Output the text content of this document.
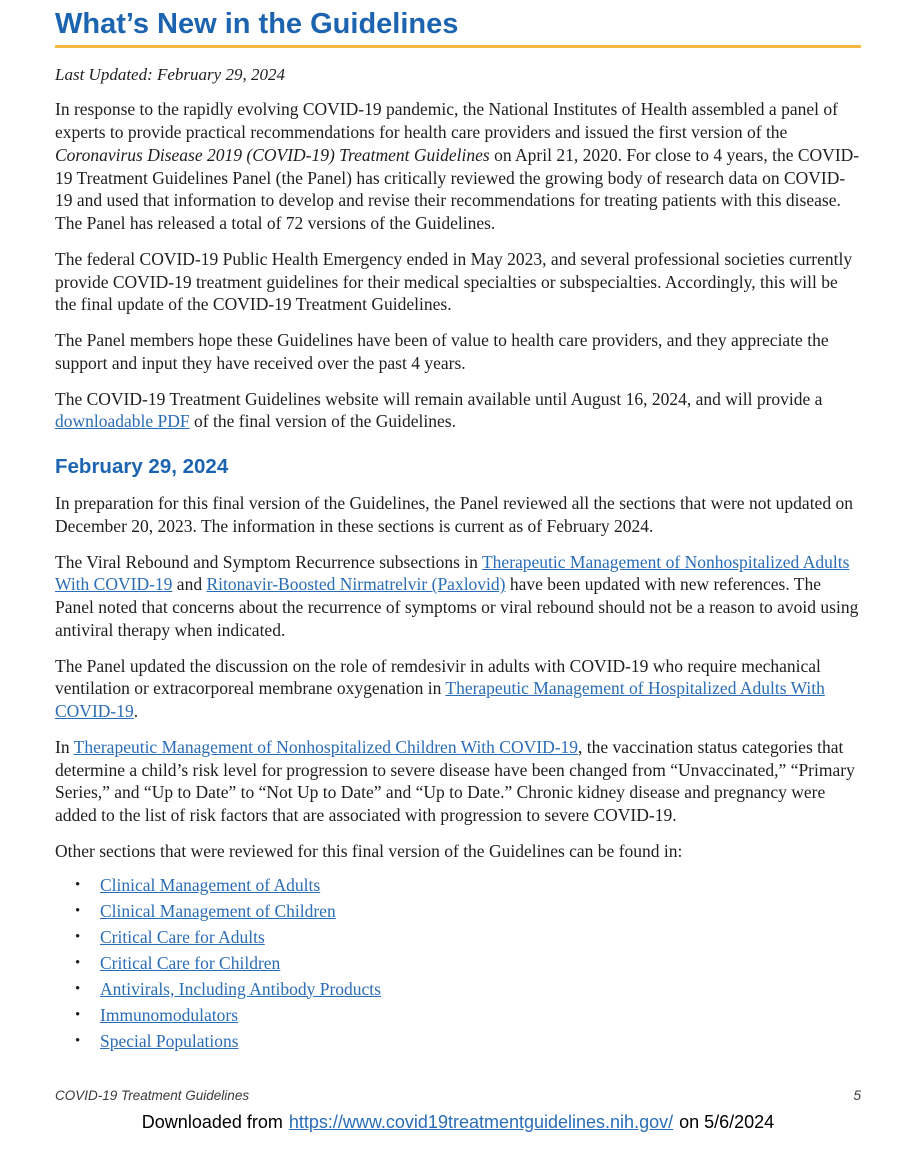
What’s New in the Guidelines

Last Updated: February 29, 2024

In response to the rapidly evolving COVID-19 pandemic, the National Institutes of Health assembled a panel of experts to provide practical recommendations for health care providers and issued the first version of the Coronavirus Disease 2019 (COVID-19) Treatment Guidelines on April 21, 2020. For close to 4 years, the COVID-19 Treatment Guidelines Panel (the Panel) has critically reviewed the growing body of research data on COVID-19 and used that information to develop and revise their recommendations for treating patients with this disease. The Panel has released a total of 72 versions of the Guidelines.

The federal COVID-19 Public Health Emergency ended in May 2023, and several professional societies currently provide COVID-19 treatment guidelines for their medical specialties or subspecialties. Accordingly, this will be the final update of the COVID-19 Treatment Guidelines.

The Panel members hope these Guidelines have been of value to health care providers, and they appreciate the support and input they have received over the past 4 years.

The COVID-19 Treatment Guidelines website will remain available until August 16, 2024, and will provide a downloadable PDF of the final version of the Guidelines.

February 29, 2024

In preparation for this final version of the Guidelines, the Panel reviewed all the sections that were not updated on December 20, 2023. The information in these sections is current as of February 2024.

The Viral Rebound and Symptom Recurrence subsections in Therapeutic Management of Nonhospitalized Adults With COVID-19 and Ritonavir-Boosted Nirmatrelvir (Paxlovid) have been updated with new references. The Panel noted that concerns about the recurrence of symptoms or viral rebound should not be a reason to avoid using antiviral therapy when indicated.

The Panel updated the discussion on the role of remdesivir in adults with COVID-19 who require mechanical ventilation or extracorporeal membrane oxygenation in Therapeutic Management of Hospitalized Adults With COVID-19.

In Therapeutic Management of Nonhospitalized Children With COVID-19, the vaccination status categories that determine a child’s risk level for progression to severe disease have been changed from “Unvaccinated,” “Primary Series,” and “Up to Date” to “Not Up to Date” and “Up to Date.” Chronic kidney disease and pregnancy were added to the list of risk factors that are associated with progression to severe COVID-19.

Other sections that were reviewed for this final version of the Guidelines can be found in:

• Clinical Management of Adults
• Clinical Management of Children
• Critical Care for Adults
• Critical Care for Children
• Antivirals, Including Antibody Products
• Immunomodulators
• Special Populations
COVID-19 Treatment Guidelines	5
Downloaded from https://www.covid19treatmentguidelines.nih.gov/ on 5/6/2024
